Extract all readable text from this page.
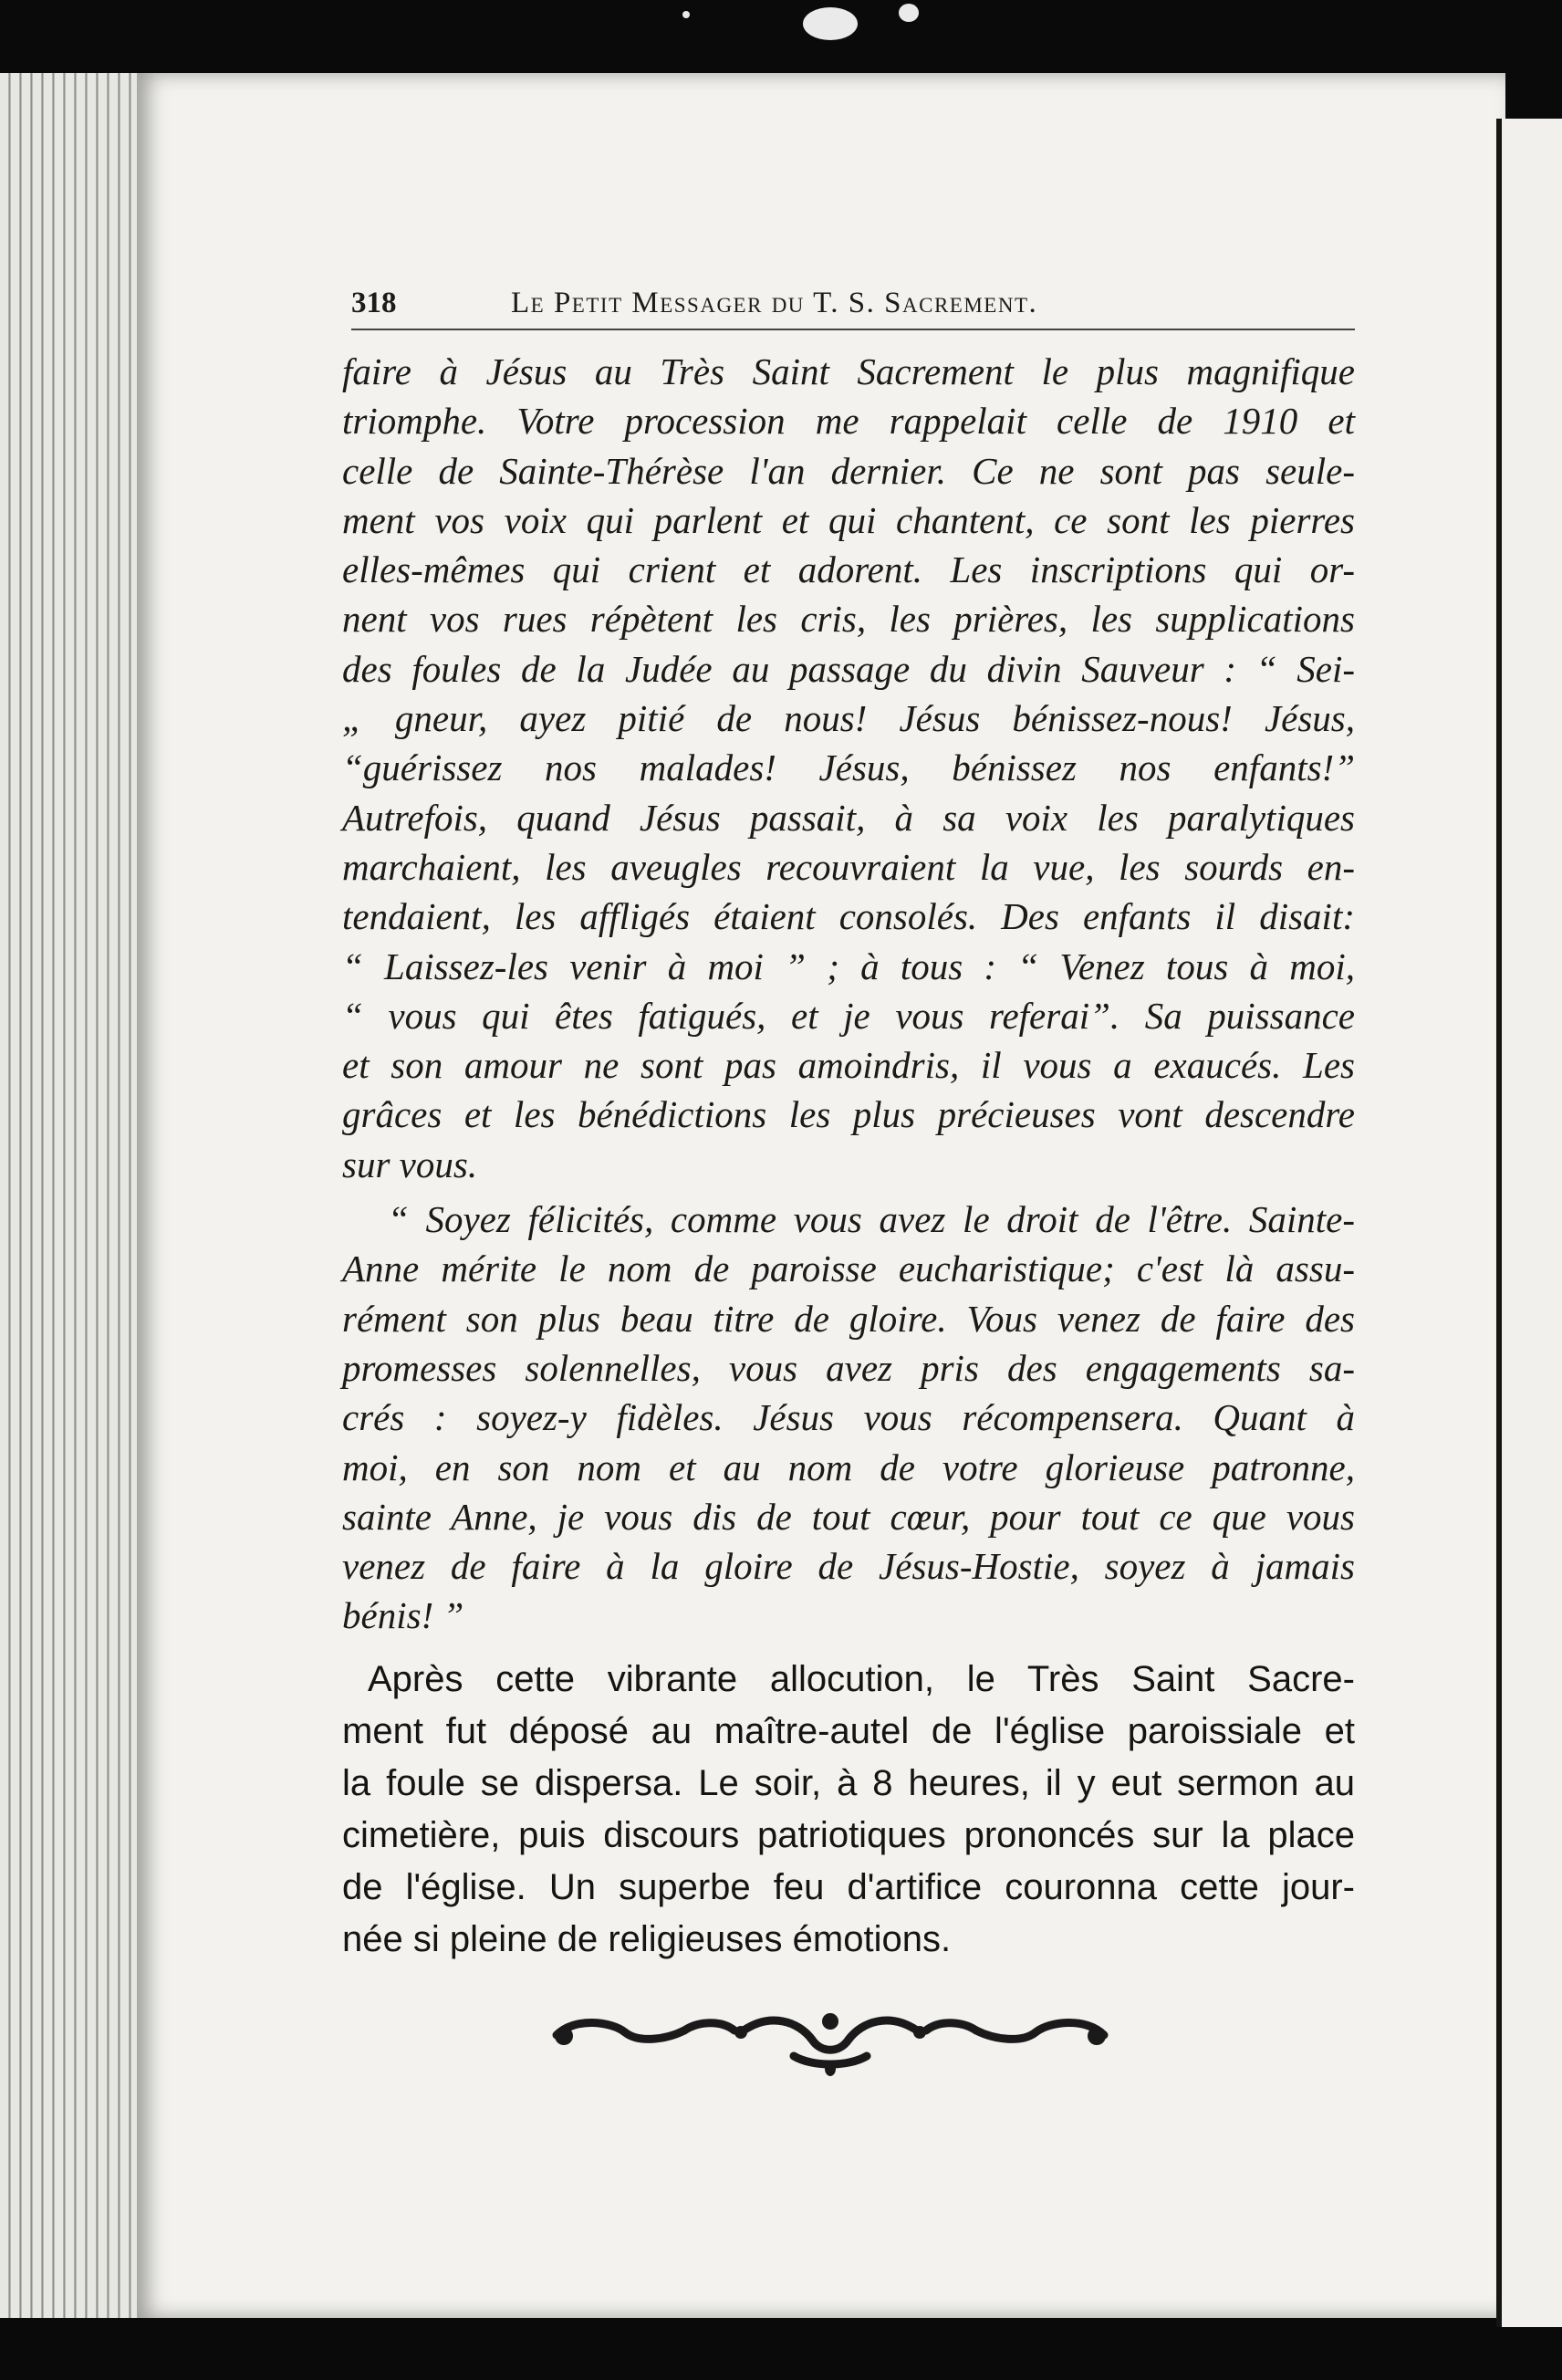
318	Le Petit Messager du T. S. Sacrement.
faire à Jésus au Très Saint Sacrement le plus magnifique
triomphe. Votre procession me rappelait celle de 1910 et
celle de Sainte-Thérèse l'an dernier. Ce ne sont pas seule-
ment vos voix qui parlent et qui chantent, ce sont les pierres
elles-mêmes qui crient et adorent. Les inscriptions qui or-
nent vos rues répètent les cris, les prières, les supplications
des foules de la Judée au passage du divin Sauveur : “ Sei-
„ gneur, ayez pitié de nous! Jésus bénissez-nous! Jésus,
“guérissez nos malades! Jésus, bénissez nos enfants!”
Autrefois, quand Jésus passait, à sa voix les paralytiques
marchaient, les aveugles recouvraient la vue, les sourds en-
tendaient, les affligés étaient consolés. Des enfants il disait:
“ Laissez-les venir à moi ” ; à tous : “ Venez tous à moi,
“ vous qui êtes fatigués, et je vous referai”. Sa puissance
et son amour ne sont pas amoindris, il vous a exaucés. Les
grâces et les bénédictions les plus précieuses vont descendre
sur vous.
“ Soyez félicités, comme vous avez le droit de l'être. Sainte-
Anne mérite le nom de paroisse eucharistique; c'est là assu-
rément son plus beau titre de gloire. Vous venez de faire des
promesses solennelles, vous avez pris des engagements sa-
crés : soyez-y fidèles. Jésus vous récompensera. Quant à
moi, en son nom et au nom de votre glorieuse patronne,
sainte Anne, je vous dis de tout cœur, pour tout ce que vous
venez de faire à la gloire de Jésus-Hostie, soyez à jamais
bénis! ”
Après cette vibrante allocution, le Très Saint Sacre-
ment fut déposé au maître-autel de l'église paroissiale et
la foule se dispersa. Le soir, à 8 heures, il y eut sermon au
cimetière, puis discours patriotiques prononcés sur la place
de l'église. Un superbe feu d'artifice couronna cette jour-
née si pleine de religieuses émotions.
